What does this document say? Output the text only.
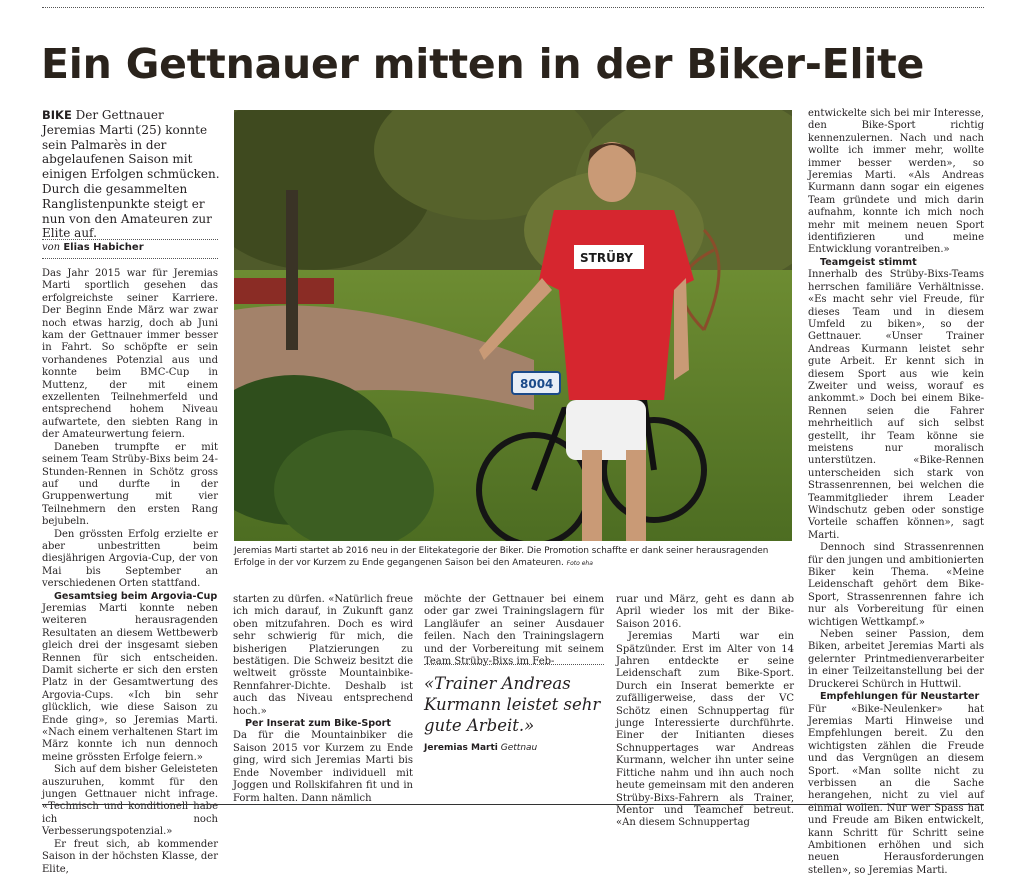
Ein Gettnauer mitten in der Biker-Elite
BIKE Der Gettnauer Jeremias Marti (25) konnte sein Palmarès in der abgelaufenen Saison mit einigen Erfolgen schmücken. Durch die gesammelten Ranglistenpunkte steigt er nun von den Amateuren zur Elite auf.
von Elias Habicher

Das Jahr 2015 war für Jeremias Marti sportlich gesehen das erfolgreichste seiner Karriere. Der Beginn Ende März war zwar noch etwas harzig, doch ab Juni kam der Gettnauer immer besser in Fahrt. So schöpfte er sein vorhandenes Potenzial aus und konnte beim BMC-Cup in Muttenz, der mit einem exzellenten Teilnehmerfeld und entsprechend hohem Niveau aufwartete, den siebten Rang in der Amateurwertung feiern.

Daneben trumpfte er mit seinem Team Strüby-Bixs beim 24-Stunden-Rennen in Schötz gross auf und durfte in der Gruppenwertung mit vier Teilnehmern den ersten Rang bejubeln.

Den grössten Erfolg erzielte er aber unbestritten beim diesjährigen Argovia-Cup, der von Mai bis September an verschiedenen Orten stattfand.

Gesamtsieg beim Argovia-Cup

Jeremias Marti konnte neben weiteren herausragenden Resultaten an diesem Wettbewerb gleich drei der insgesamt sieben Rennen für sich entscheiden. Damit sicherte er sich den ersten Platz in der Gesamtwertung des Argovia-Cups. «Ich bin sehr glücklich, wie diese Saison zu Ende ging», so Jeremias Marti. «Nach einem verhaltenen Start im März konnte ich nun dennoch meine grössten Erfolge feiern.»

Sich auf dem bisher Geleisteten auszuruhen, kommt für den jungen Gettnauer nicht infrage. «Technisch und konditionell habe ich noch Verbesserungspotenzial.»

Er freut sich, ab kommender Saison in der höchsten Klasse, der Elite,

8004
STRÜBY
Jeremias Marti startet ab 2016 neu in der Elitekategorie der Biker. Die Promotion schaffte er dank seiner herausragenden Erfolge in der vor Kurzem zu Ende gegangenen Saison bei den Amateuren. Foto eha

starten zu dürfen. «Natürlich freue ich mich darauf, in Zukunft ganz oben mitzufahren. Doch es wird sehr schwierig für mich, die bisherigen Platzierungen zu bestätigen. Die Schweiz besitzt die weltweit grösste Mountainbike-Rennfahrer-Dichte. Deshalb ist auch das Niveau entsprechend hoch.»

Per Inserat zum Bike-Sport

Da für die Mountainbiker die Saison 2015 vor Kurzem zu Ende ging, wird sich Jeremias Marti bis Ende November individuell mit Joggen und Rollskifahren fit und in Form halten. Dann nämlich

möchte der Gettnauer bei einem oder gar zwei Trainingslagern für Langläufer an seiner Ausdauer feilen. Nach den Trainingslagern und der Vorbereitung mit seinem Team Strüby-Bixs im Feb-

«Trainer Andreas Kurmann leistet sehr gute Arbeit.»

Jeremias Marti Gettnau

ruar und März, geht es dann ab April wieder los mit der Bike-Saison 2016.

Jeremias Marti war ein Spätzünder. Erst im Alter von 14 Jahren entdeckte er seine Leidenschaft zum Bike-Sport. Durch ein Inserat bemerkte er zufälligerweise, dass der VC Schötz einen Schnuppertag für junge Interessierte durchführte. Einer der Initianten dieses Schnuppertages war Andreas Kurmann, welcher ihn unter seine Fittiche nahm und ihn auch noch heute gemeinsam mit den anderen Strüby-Bixs-Fahrern als Trainer, Mentor und Teamchef betreut. «An diesem Schnuppertag

entwickelte sich bei mir Interesse, den Bike-Sport richtig kennenzulernen. Nach und nach wollte ich immer mehr, wollte immer besser werden», so Jeremias Marti. «Als Andreas Kurmann dann sogar ein eigenes Team gründete und mich darin aufnahm, konnte ich mich noch mehr mit meinem neuen Sport identifizieren und meine Entwicklung vorantreiben.»

Teamgeist stimmt

Innerhalb des Strüby-Bixs-Teams herrschen familiäre Verhältnisse. «Es macht sehr viel Freude, für dieses Team und in diesem Umfeld zu biken», so der Gettnauer. «Unser Trainer Andreas Kurmann leistet sehr gute Arbeit. Er kennt sich in diesem Sport aus wie kein Zweiter und weiss, worauf es ankommt.» Doch bei einem Bike-Rennen seien die Fahrer mehrheitlich auf sich selbst gestellt, ihr Team könne sie meistens nur moralisch unterstützen. «Bike-Rennen unterscheiden sich stark von Strassenrennen, bei welchen die Teammitglieder ihrem Leader Windschutz geben oder sonstige Vorteile schaffen können», sagt Marti.

Dennoch sind Strassenrennen für den jungen und ambitionierten Biker kein Thema. «Meine Leidenschaft gehört dem Bike-Sport, Strassenrennen fahre ich nur als Vorbereitung für einen wichtigen Wettkampf.»

Neben seiner Passion, dem Biken, arbeitet Jeremias Marti als gelernter Printmedienverarbeiter in einer Teilzeitanstellung bei der Druckerei Schürch in Huttwil.

Empfehlungen für Neustarter

Für «Bike-Neulenker» hat Jeremias Marti Hinweise und Empfehlungen bereit. Zu den wichtigsten zählen die Freude und das Vergnügen an diesem Sport. «Man sollte nicht zu verbissen an die Sache herangehen, nicht zu viel auf einmal wollen. Nur wer Spass hat und Freude am Biken entwickelt, kann Schritt für Schritt seine Ambitionen erhöhen und sich neuen Herausforderungen stellen», so Jeremias Marti.
